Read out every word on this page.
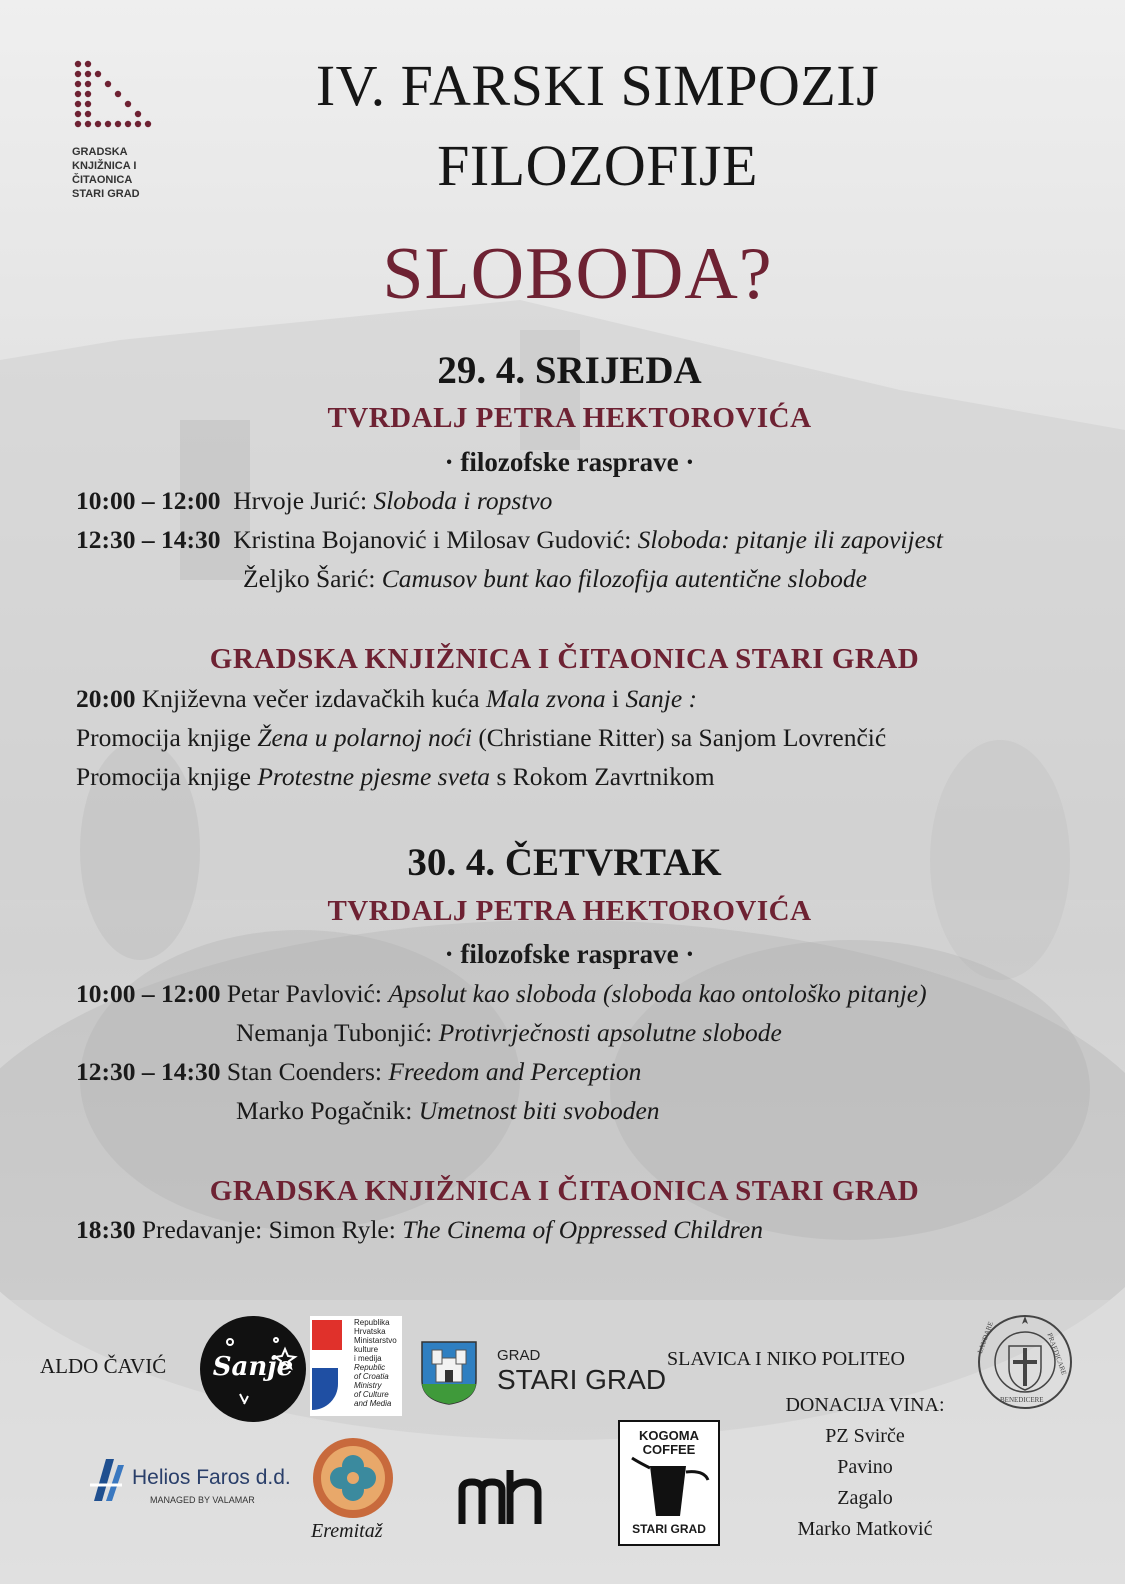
GRADSKA
KNJIŽNICA I
ČITAONICA
STARI GRAD
IV. FARSKI SIMPOZIJ
FILOZOFIJE
SLOBODA?
29. 4. SRIJEDA
TVRDALJ PETRA HEKTOROVIĆA
· filozofske rasprave ·
10:00 – 12:00 Hrvoje Jurić: Sloboda i ropstvo
12:30 – 14:30 Kristina Bojanović i Milosav Gudović: Sloboda: pitanje ili zapovijest
Željko Šarić: Camusov bunt kao filozofija autentične slobode
GRADSKA KNJIŽNICA I ČITAONICA STARI GRAD
20:00 Književna večer izdavačkih kuća Mala zvona i Sanje :
Promocija knjige Žena u polarnoj noći (Christiane Ritter) sa Sanjom Lovrenčić
Promocija knjige Protestne pjesme sveta s Rokom Zavrtnikom
30. 4. ČETVRTAK
TVRDALJ PETRA HEKTOROVIĆA
· filozofske rasprave ·
10:00 – 12:00 Petar Pavlović: Apsolut kao sloboda (sloboda kao ontološko pitanje)
Nemanja Tubonjić: Protivrječnosti apsolutne slobode
12:30 – 14:30 Stan Coenders: Freedom and Perception
Marko Pogačnik: Umetnost biti svoboden
GRADSKA KNJIŽNICA I ČITAONICA STARI GRAD
18:30 Predavanje: Simon Ryle: The Cinema of Oppressed Children
ALDO ČAVIĆ	Sanje
Republika
Hrvatska
Ministarstvo
kulture
i medija
Republic
of Croatia
Ministry
of Culture
and Media
GRAD
STARI GRAD
SLAVICA I NIKO POLITEO
LAUDARE
BENEDICERE
PRAEDICARE
DONACIJA VINA:
PZ Svirče
Pavino
Zagalo
Marko Matković
Helios Faros d.d.
MANAGED BY VALAMAR
Eremitaž
KOGOMA
COFFEE
STARI GRAD
